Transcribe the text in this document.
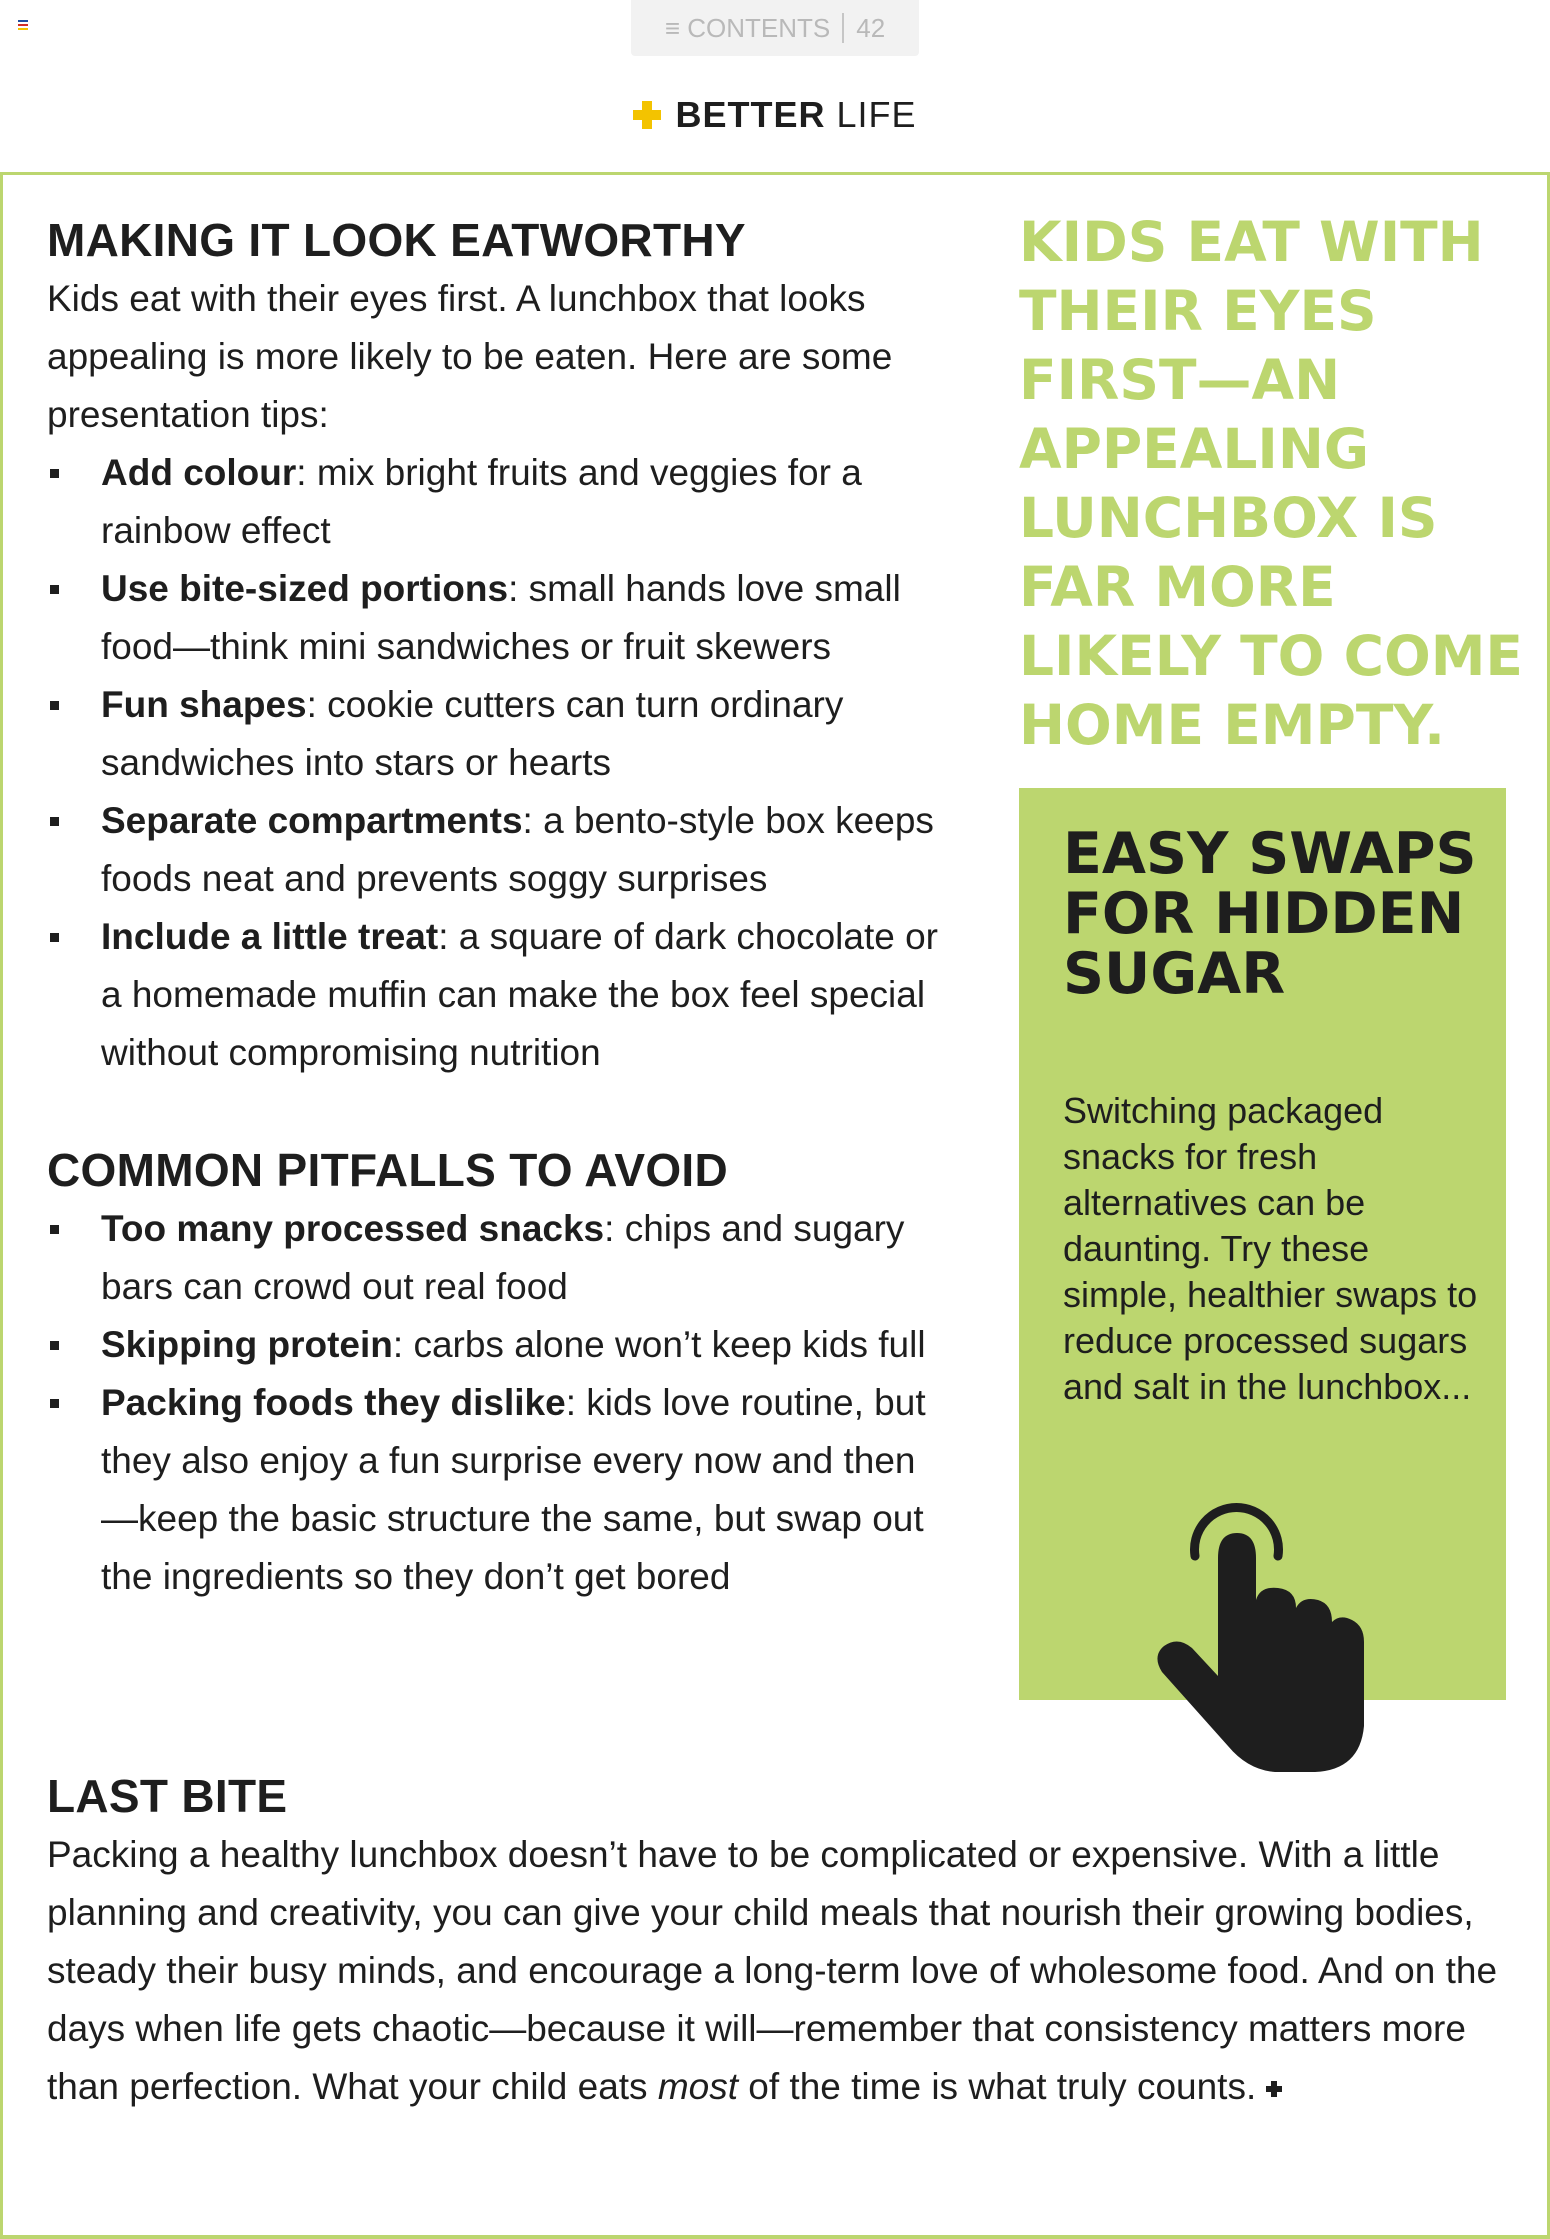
≡ CONTENTS 42
BETTER LIFE
MAKING IT LOOK EATWORTHY

Kids eat with their eyes first. A lunchbox that looks appealing is more likely to be eaten. Here are some presentation tips:

Add colour: mix bright fruits and veggies for a rainbow effect
Use bite-sized portions: small hands love small food—think mini sandwiches or fruit skewers
Fun shapes: cookie cutters can turn ordinary sandwiches into stars or hearts
Separate compartments: a bento-style box keeps foods neat and prevents soggy surprises
Include a little treat: a square of dark chocolate or a homemade muffin can make the box feel special without compromising nutrition
COMMON PITFALLS TO AVOID
Too many processed snacks: chips and sugary bars can crowd out real food
Skipping protein: carbs alone won’t keep kids full
Packing foods they dislike: kids love routine, but they also enjoy a fun surprise every now and then—keep the basic structure the same, but swap out the ingredients so they don’t get bored
KIDS EAT WITH THEIR EYES FIRST—AN APPEALING LUNCHBOX IS FAR MORE LIKELY TO COME HOME EMPTY.
EASY SWAPS FOR HIDDEN SUGAR
Switching packaged snacks for fresh alternatives can be daunting. Try these simple, healthier swaps to reduce processed sugars and salt in the lunchbox...
LAST BITE

Packing a healthy lunchbox doesn’t have to be complicated or expensive. With a little planning and creativity, you can give your child meals that nourish their growing bodies, steady their busy minds, and encourage a long-term love of wholesome food. And on the days when life gets chaotic—because it will—remember that consistency matters more than perfection. What your child eats most of the time is what truly counts.
